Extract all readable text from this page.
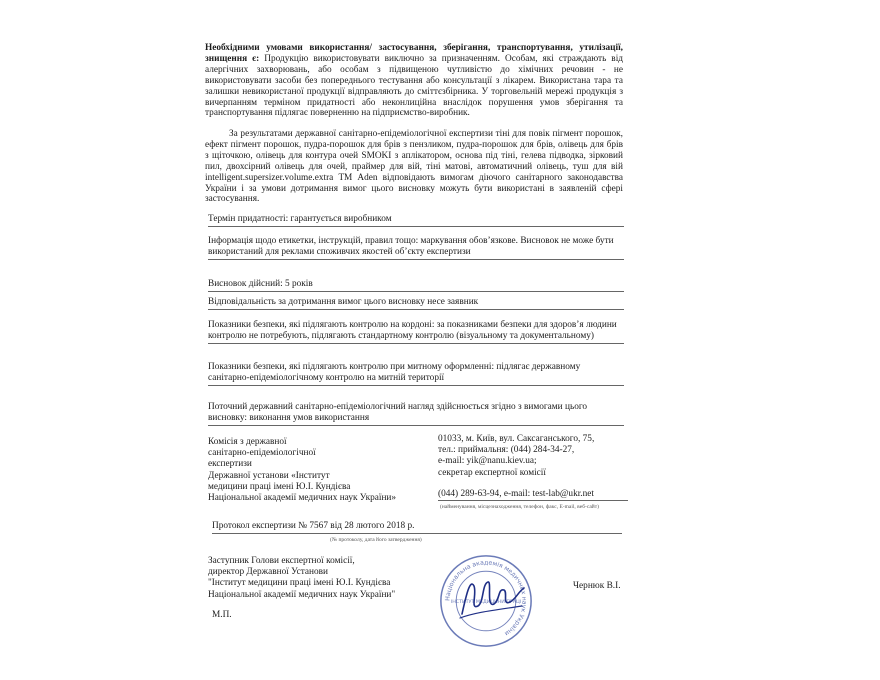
Необхідними умовами використання/ застосування, зберігання, транспортування, утилізації, знищення є: Продукцію використовувати виключно за призначенням. Особам, які страждають від алергічних захворювань, або особам з підвищеною чутливістю до хімічних речовин - не використовувати засоби без попереднього тестування або консультації з лікарем. Використана тара та залишки невикористаної продукції відправляють до сміттєзбірника. У торговельній мережі продукція з вичерпанням терміном придатності або неконлиційна внаслідок порушення умов зберігання та транспортування підлягає поверненню на підприємство-виробник.
За результатами державної санітарно-епідеміологічної експертизи тіні для повік пігмент порошок, ефект пігмент порошок, пудра-порошок для брів з пензликом, пудра-порошок для брів, олівець для брів з щіточкою, олівець для контура очей SMOKI з аплікатором, основа під тіні, гелева підводка, зірковий пил, двохсірний олівець для очей, праймер для вій, тіні матові, автоматичний олівець, туш для вій intelligent.supersizer.volume.extra ТМ Aden відповідають вимогам діючого санітарного законодавства України і за умови дотримання вимог цього висновку можуть бути використані в заявленій сфері застосування.
Термін придатності: гарантується виробником
Інформація щодо етикетки, інструкцій, правил тощо: маркування обов’язкове. Висновок не може бути використаний для реклами споживчих якостей об’єкту експертизи
Висновок дійсний: 5 років
Відповідальність за дотримання вимог цього висновку несе заявник
Показники безпеки, які підлягають контролю на кордоні: за показниками безпеки для здоров’я людини контролю не потребують, підлягають стандартному контролю (візуальному та документальному)
Показники безпеки, які підлягають контролю при митному оформленні: підлягає державному санітарно-епідеміологічному контролю на митній території
Поточний державний санітарно-епідеміологічний нагляд здійснюється згідно з вимогами цього висновку: виконання умов використання
Комісія з державної
санітарно-епідеміологічної
експертизи
Державної установи «Інститут
медицини праці імені Ю.І. Кундієва
Національної академії медичних наук України»
01033, м. Київ, вул. Саксаганського, 75,
тел.: приймальня: (044) 284-34-27,
e-mail: yik@nanu.kiev.ua;
секретар експертної комісії
(044) 289-63-94, e-mail: test-lab@ukr.net
(найменування, місцезнаходження, телефон, факс, E-mail, веб-сайт)
Протокол експертизи № 7567 від 28 лютого 2018 р.
(№ протоколу, дата його затвердження)
Заступник Голови експертної комісії,
директор Державної Установи
"Інститут медицини праці імені Ю.І. Кундієва
Національної академії медичних наук України"
Чернюк В.І.
М.П.
Національна академія медичних наук України
ІНСТИТУТ МЕДИЦИНИ ПРАЦІ
